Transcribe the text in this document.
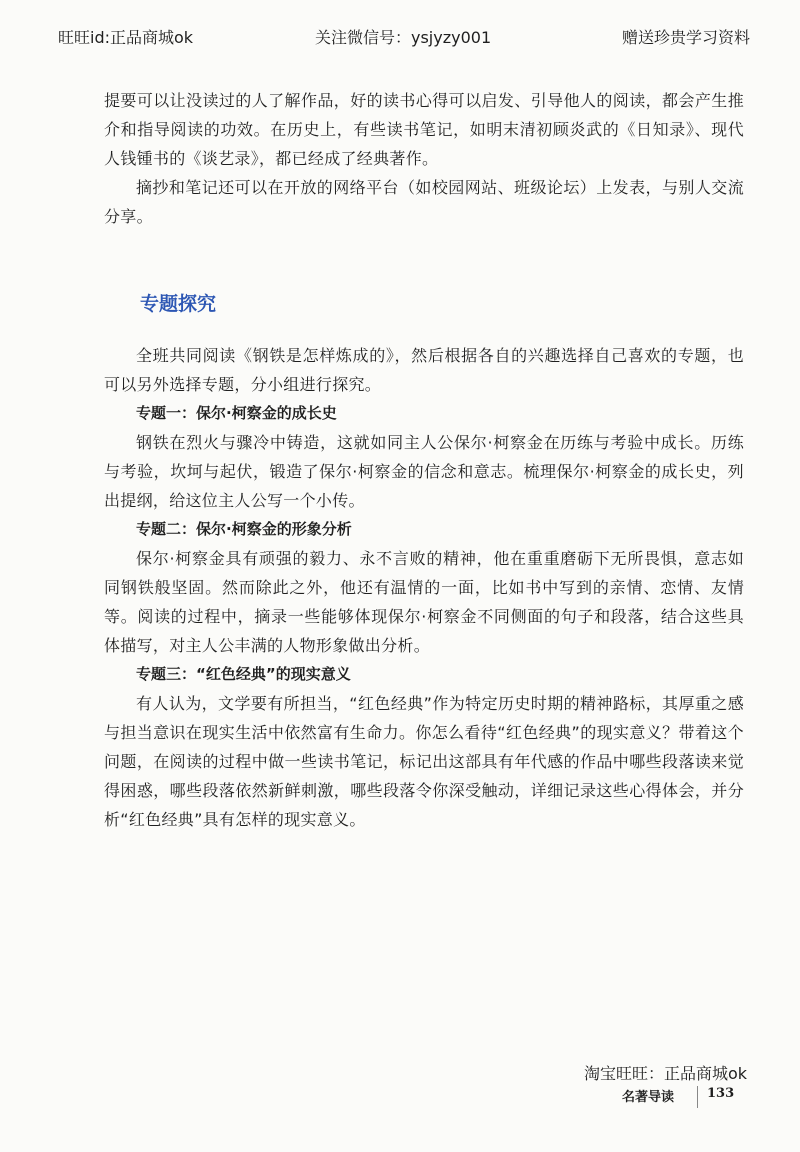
旺旺id:正品商城ok	关注微信号：ysjyzy001	赠送珍贵学习资料

提要可以让没读过的人了解作品，好的读书心得可以启发、引导他人的阅读，都会产生推介和指导阅读的功效。在历史上，有些读书笔记，如明末清初顾炎武的《日知录》、现代人钱锺书的《谈艺录》，都已经成了经典著作。

摘抄和笔记还可以在开放的网络平台（如校园网站、班级论坛）上发表，与别人交流分享。

专题探究

全班共同阅读《钢铁是怎样炼成的》，然后根据各自的兴趣选择自己喜欢的专题，也可以另外选择专题，分小组进行探究。

专题一：保尔·柯察金的成长史

钢铁在烈火与骤冷中铸造，这就如同主人公保尔·柯察金在历练与考验中成长。历练与考验，坎坷与起伏，锻造了保尔·柯察金的信念和意志。梳理保尔·柯察金的成长史，列出提纲，给这位主人公写一个小传。

专题二：保尔·柯察金的形象分析

保尔·柯察金具有顽强的毅力、永不言败的精神，他在重重磨砺下无所畏惧，意志如同钢铁般坚固。然而除此之外，他还有温情的一面，比如书中写到的亲情、恋情、友情等。阅读的过程中，摘录一些能够体现保尔·柯察金不同侧面的句子和段落，结合这些具体描写，对主人公丰满的人物形象做出分析。

专题三：“红色经典”的现实意义

有人认为，文学要有所担当，“红色经典”作为特定历史时期的精神路标，其厚重之感与担当意识在现实生活中依然富有生命力。你怎么看待“红色经典”的现实意义？带着这个问题，在阅读的过程中做一些读书笔记，标记出这部具有年代感的作品中哪些段落读来觉得困惑，哪些段落依然新鲜刺激，哪些段落令你深受触动，详细记录这些心得体会，并分析“红色经典”具有怎样的现实意义。

淘宝旺旺：正品商城ok
名著导读	133
